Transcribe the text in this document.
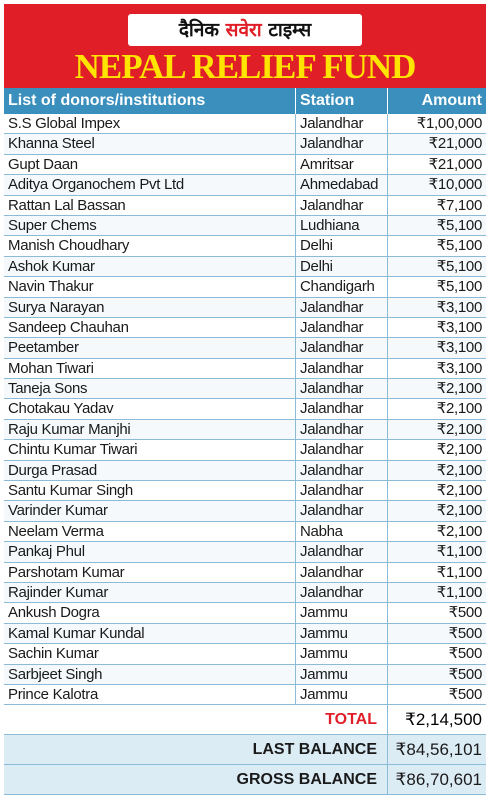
दैनिक सवेरा टाइम्स
NEPAL RELIEF FUND
List of donors/institutions	Station	Amount
S.S Global Impex	Jalandhar	₹1,00,000
Khanna Steel	Jalandhar	₹21,000
Gupt Daan	Amritsar	₹21,000
Aditya Organochem Pvt Ltd	Ahmedabad	₹10,000
Rattan Lal Bassan	Jalandhar	₹7,100
Super Chems	Ludhiana	₹5,100
Manish Choudhary	Delhi	₹5,100
Ashok Kumar	Delhi	₹5,100
Navin Thakur	Chandigarh	₹5,100
Surya Narayan	Jalandhar	₹3,100
Sandeep Chauhan	Jalandhar	₹3,100
Peetamber	Jalandhar	₹3,100
Mohan Tiwari	Jalandhar	₹3,100
Taneja Sons	Jalandhar	₹2,100
Chotakau Yadav	Jalandhar	₹2,100
Raju Kumar Manjhi	Jalandhar	₹2,100
Chintu Kumar Tiwari	Jalandhar	₹2,100
Durga Prasad	Jalandhar	₹2,100
Santu Kumar Singh	Jalandhar	₹2,100
Varinder Kumar	Jalandhar	₹2,100
Neelam Verma	Nabha	₹2,100
Pankaj Phul	Jalandhar	₹1,100
Parshotam Kumar	Jalandhar	₹1,100
Rajinder Kumar	Jalandhar	₹1,100
Ankush Dogra	Jammu	₹500
Kamal Kumar Kundal	Jammu	₹500
Sachin Kumar	Jammu	₹500
Sarbjeet Singh	Jammu	₹500
Prince Kalotra	Jammu	₹500
TOTAL	₹2,14,500
LAST BALANCE	₹84,56,101
GROSS BALANCE	₹86,70,601
